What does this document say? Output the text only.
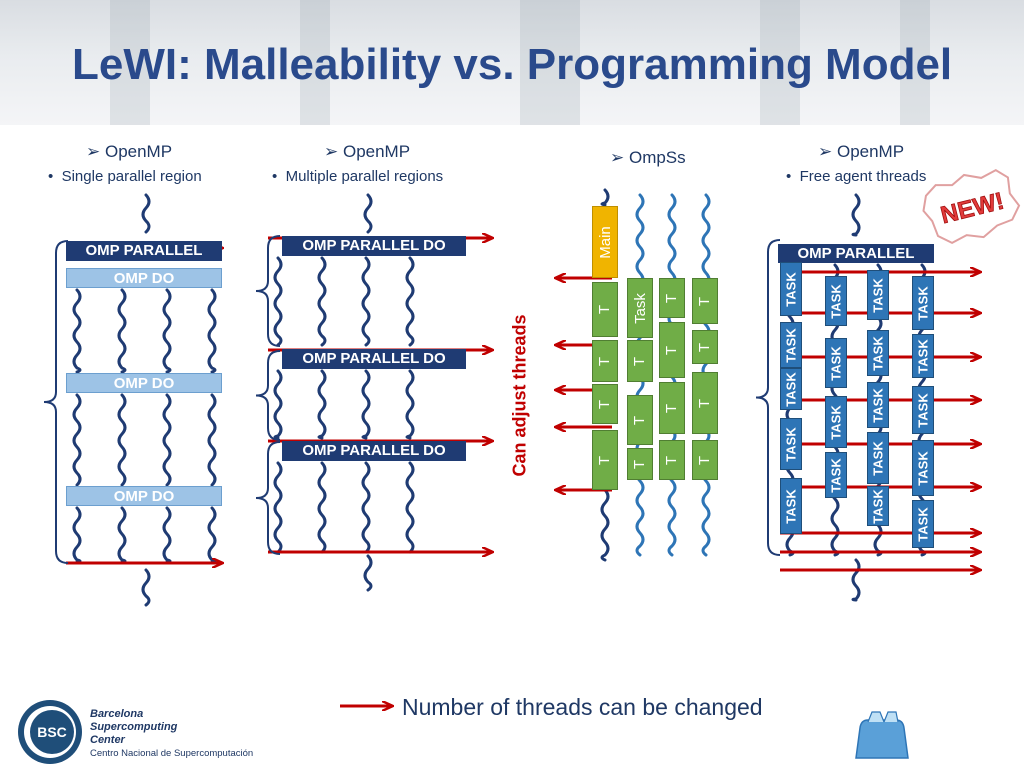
LeWI: Malleability vs. Programming Model
➢ OpenMP
•  Single parallel region
➢ OpenMP
•  Multiple parallel regions
➢ OmpSs	➢ OpenMP
•  Free agent threads
OMP PARALLEL
OMP DO
OMP DO
OMP DO
OMP PARALLEL DO
OMP PARALLEL DO
OMP PARALLEL DO
Main
Task
T
T
T
T
T
T
T
T
T
T
T
T
T
T
T
Can adjust threads
OMP PARALLEL
TASK
TASK
TASK
TASK
TASK
TASK
TASK
TASK
TASK
TASK
TASK
TASK
TASK
TASK
TASK
TASK
TASK
TASK
TASK
NEW!
Number of threads can be changed
BSC
Barcelona
Supercomputing
Center
Centro Nacional de Supercomputación
